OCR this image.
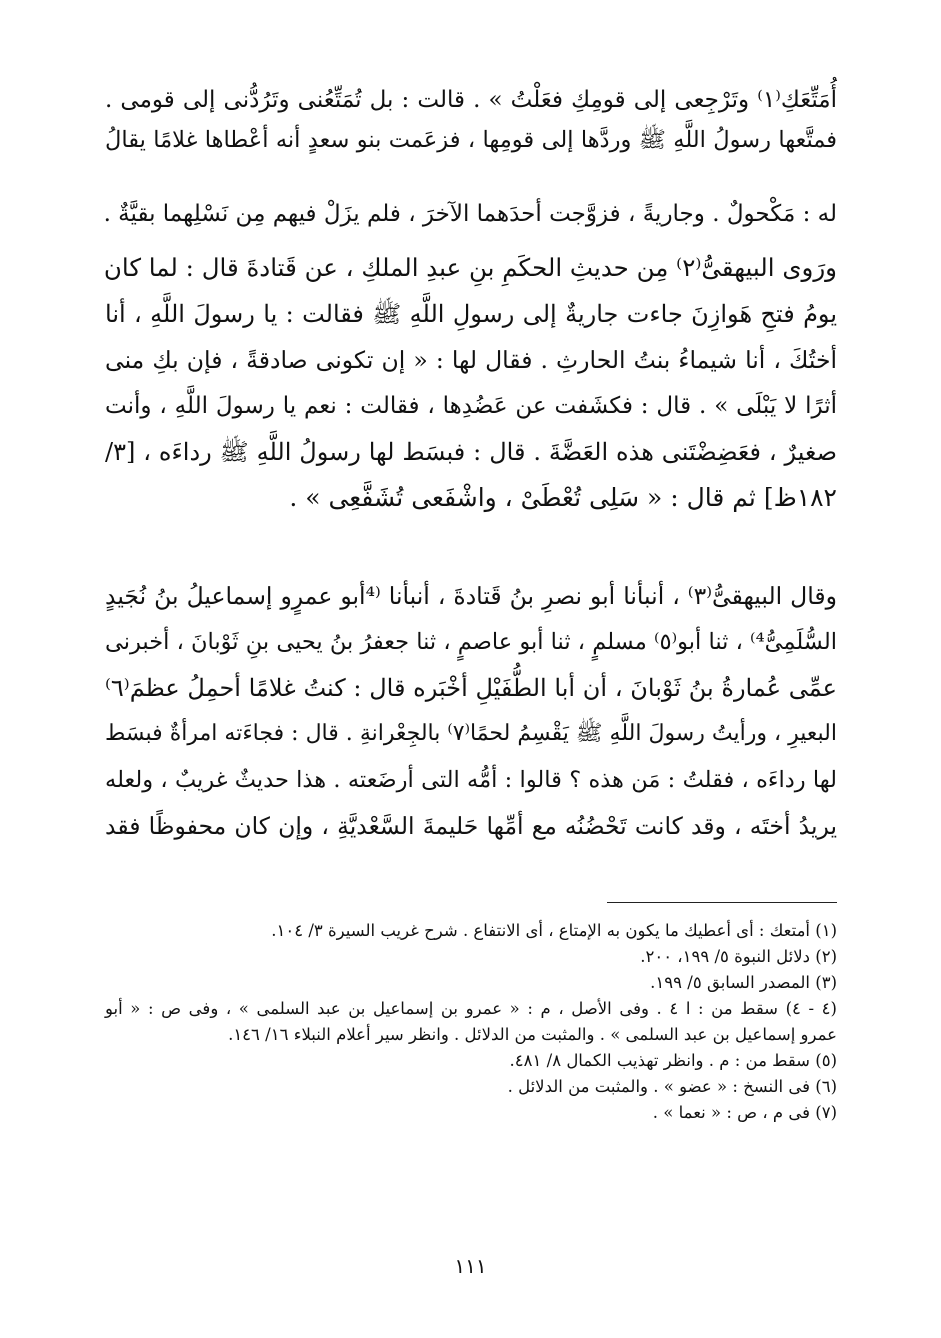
أُمَتِّعَكِ⁽١⁾ وتَرْجِعى إلى قومِكِ فعَلْتُ » . قالت : بل تُمَتِّعُنى وتَرُدُّنى إلى قومى .
فمتَّعها رسولُ اللَّهِ ﷺ وردَّها إلى قومِها ، فزعَمت بنو سعدٍ أنه أعْطاها غلامًا يقالُ
له : مَكْحولٌ . وجاريةً ، فزوَّجت أحدَهما الآخرَ ، فلم يزَلْ فيهم مِن نَسْلِهما بقيَّةٌ .
ورَوى البيهقىُّ⁽٢⁾ مِن حديثِ الحكَمِ بنِ عبدِ الملكِ ، عن قَتادةَ قال : لما كان
يومُ فتحِ هَوازِنَ جاءت جاريةٌ إلى رسولِ اللَّهِ ﷺ فقالت : يا رسولَ اللَّهِ ، أنا
أختُكَ ، أنا شيماءُ بنتُ الحارثِ . فقال لها : « إن تكونى صادقةً ، فإن بكِ منى
أثرًا لا يَبْلَى » . قال : فكشَفت عن عَضُدِها ، فقالت : نعم يا رسولَ اللَّهِ ، وأنت
صغيرٌ ، فعَضِضْتَنى هذه العَضَّةَ . قال : فبسَط لها رسولُ اللَّهِ ﷺ رداءَه ، [٣/
١٨٢ظ] ثم قال : « سَلِى تُعْطَىْ ، واشْفَعى تُشَفَّعِى » .
وقال البيهقىُّ⁽٣⁾ ، أنبأنا أبو نصرِ بنُ قَتادةَ ، أنبأنا ⁽⁴أبو عمرٍو إسماعيلُ بنُ نُجَيدٍ
السُّلَمِىُّ⁴⁾ ، ثنا أبو⁽٥⁾ مسلمٍ ، ثنا أبو عاصمٍ ، ثنا جعفرُ بنُ يحيى بنِ ثَوْبانَ ، أخبرنى
عمِّى عُمارةُ بنُ ثَوْبانَ ، أن أبا الطُّفَيْلِ أخْبَره قال : كنتُ غلامًا أحمِلُ عظمَ⁽٦⁾
البعيرِ ، ورأيتُ رسولَ اللَّهِ ﷺ يَقْسِمُ لحمًا⁽٧⁾ بالجِعْرانةِ . قال : فجاءَته امرأةٌ فبسَط
لها رداءَه ، فقلتُ : مَن هذه ؟ قالوا : أمُّه التى أرضَعته . هذا حديثٌ غريبٌ ، ولعله
يريدُ أختَه ، وقد كانت تَحْضُنُه مع أمِّها حَليمةَ السَّعْديَّةِ ، وإن كان محفوظًا فقد
(١) أمتعك : أى أعطيك ما يكون به الإمتاع ، أى الانتفاع . شرح غريب السيرة ٣/ ١٠٤.
(٢) دلائل النبوة ٥/ ١٩٩، ٢٠٠.
(٣) المصدر السابق ٥/ ١٩٩.
(٤ - ٤) سقط من : ا ٤ . وفى الأصل ، م : « عمرو بن إسماعيل بن عبد السلمى » ، وفى ص : « أبو
عمرو إسماعيل بن عبد السلمى » . والمثبت من الدلائل . وانظر سير أعلام النبلاء ١٦/ ١٤٦.
(٥) سقط من : م . وانظر تهذيب الكمال ٨/ ٤٨١.
(٦) فى النسخ : « عضو » . والمثبت من الدلائل .
(٧) فى م ، ص : « نعما » .
١١١
